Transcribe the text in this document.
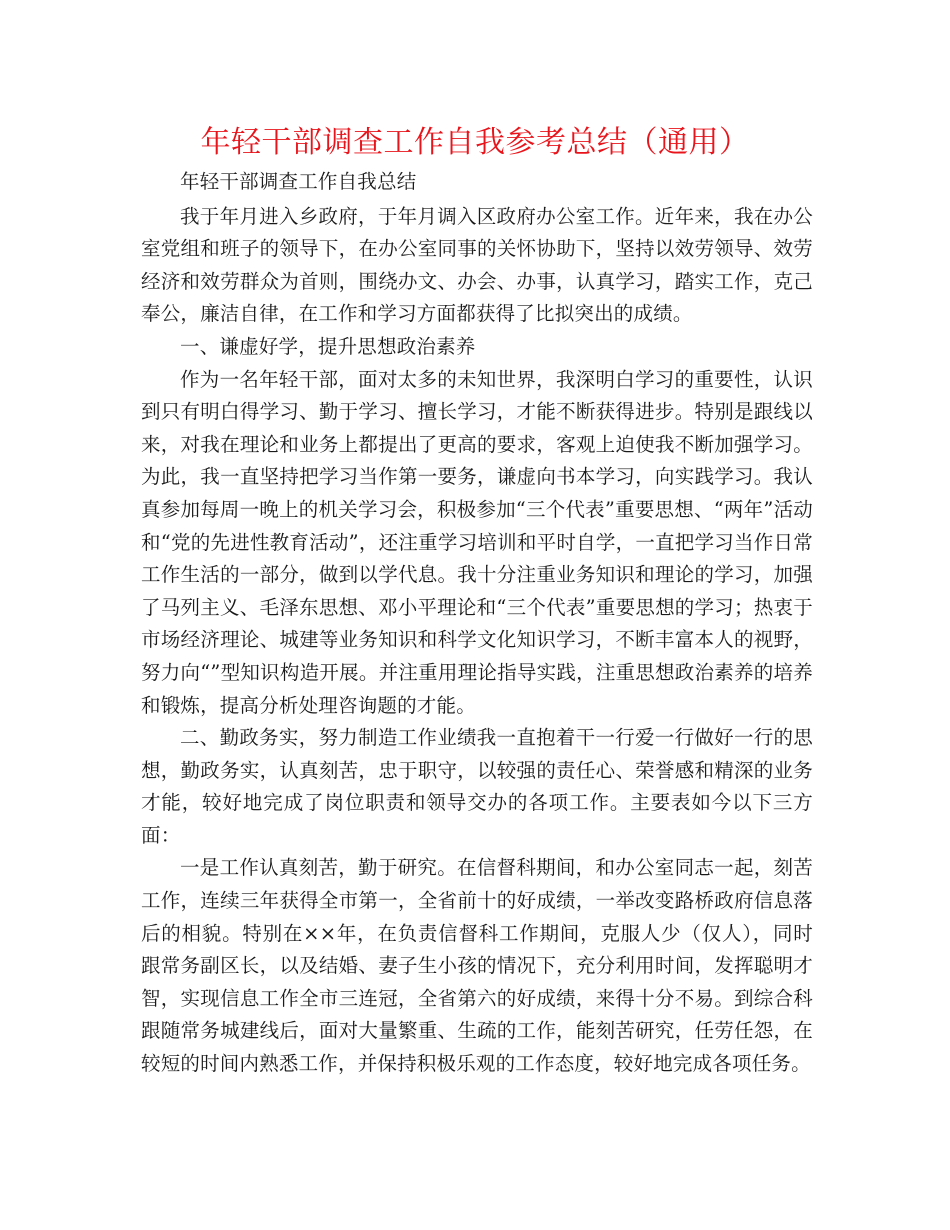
年轻干部调查工作自我参考总结（通用）

年轻干部调查工作自我总结

我于年月进入乡政府，于年月调入区政府办公室工作。近年来，我在办公室党组和班子的领导下，在办公室同事的关怀协助下，坚持以效劳领导、效劳经济和效劳群众为首则，围绕办文、办会、办事，认真学习，踏实工作，克己奉公，廉洁自律，在工作和学习方面都获得了比拟突出的成绩。

一、谦虚好学，提升思想政治素养

作为一名年轻干部，面对太多的未知世界，我深明白学习的重要性，认识到只有明白得学习、勤于学习、擅长学习，才能不断获得进步。特别是跟线以来，对我在理论和业务上都提出了更高的要求，客观上迫使我不断加强学习。为此，我一直坚持把学习当作第一要务，谦虚向书本学习，向实践学习。我认真参加每周一晚上的机关学习会，积极参加“三个代表”重要思想、“两年”活动和“党的先进性教育活动”，还注重学习培训和平时自学，一直把学习当作日常工作生活的一部分，做到以学代息。我十分注重业务知识和理论的学习，加强了马列主义、毛泽东思想、邓小平理论和“三个代表”重要思想的学习；热衷于市场经济理论、城建等业务知识和科学文化知识学习，不断丰富本人的视野，努力向“”型知识构造开展。并注重用理论指导实践，注重思想政治素养的培养和锻炼，提高分析处理咨询题的才能。

二、勤政务实，努力制造工作业绩我一直抱着干一行爱一行做好一行的思想，勤政务实，认真刻苦，忠于职守，以较强的责任心、荣誉感和精深的业务才能，较好地完成了岗位职责和领导交办的各项工作。主要表如今以下三方面：

一是工作认真刻苦，勤于研究。在信督科期间，和办公室同志一起，刻苦工作，连续三年获得全市第一，全省前十的好成绩，一举改变路桥政府信息落后的相貌。特别在××年，在负责信督科工作期间，克服人少（仅人），同时跟常务副区长，以及结婚、妻子生小孩的情况下，充分利用时间，发挥聪明才智，实现信息工作全市三连冠，全省第六的好成绩，来得十分不易。到综合科跟随常务城建线后，面对大量繁重、生疏的工作，能刻苦研究，任劳任怨，在较短的时间内熟悉工作，并保持积极乐观的工作态度，较好地完成各项任务。
